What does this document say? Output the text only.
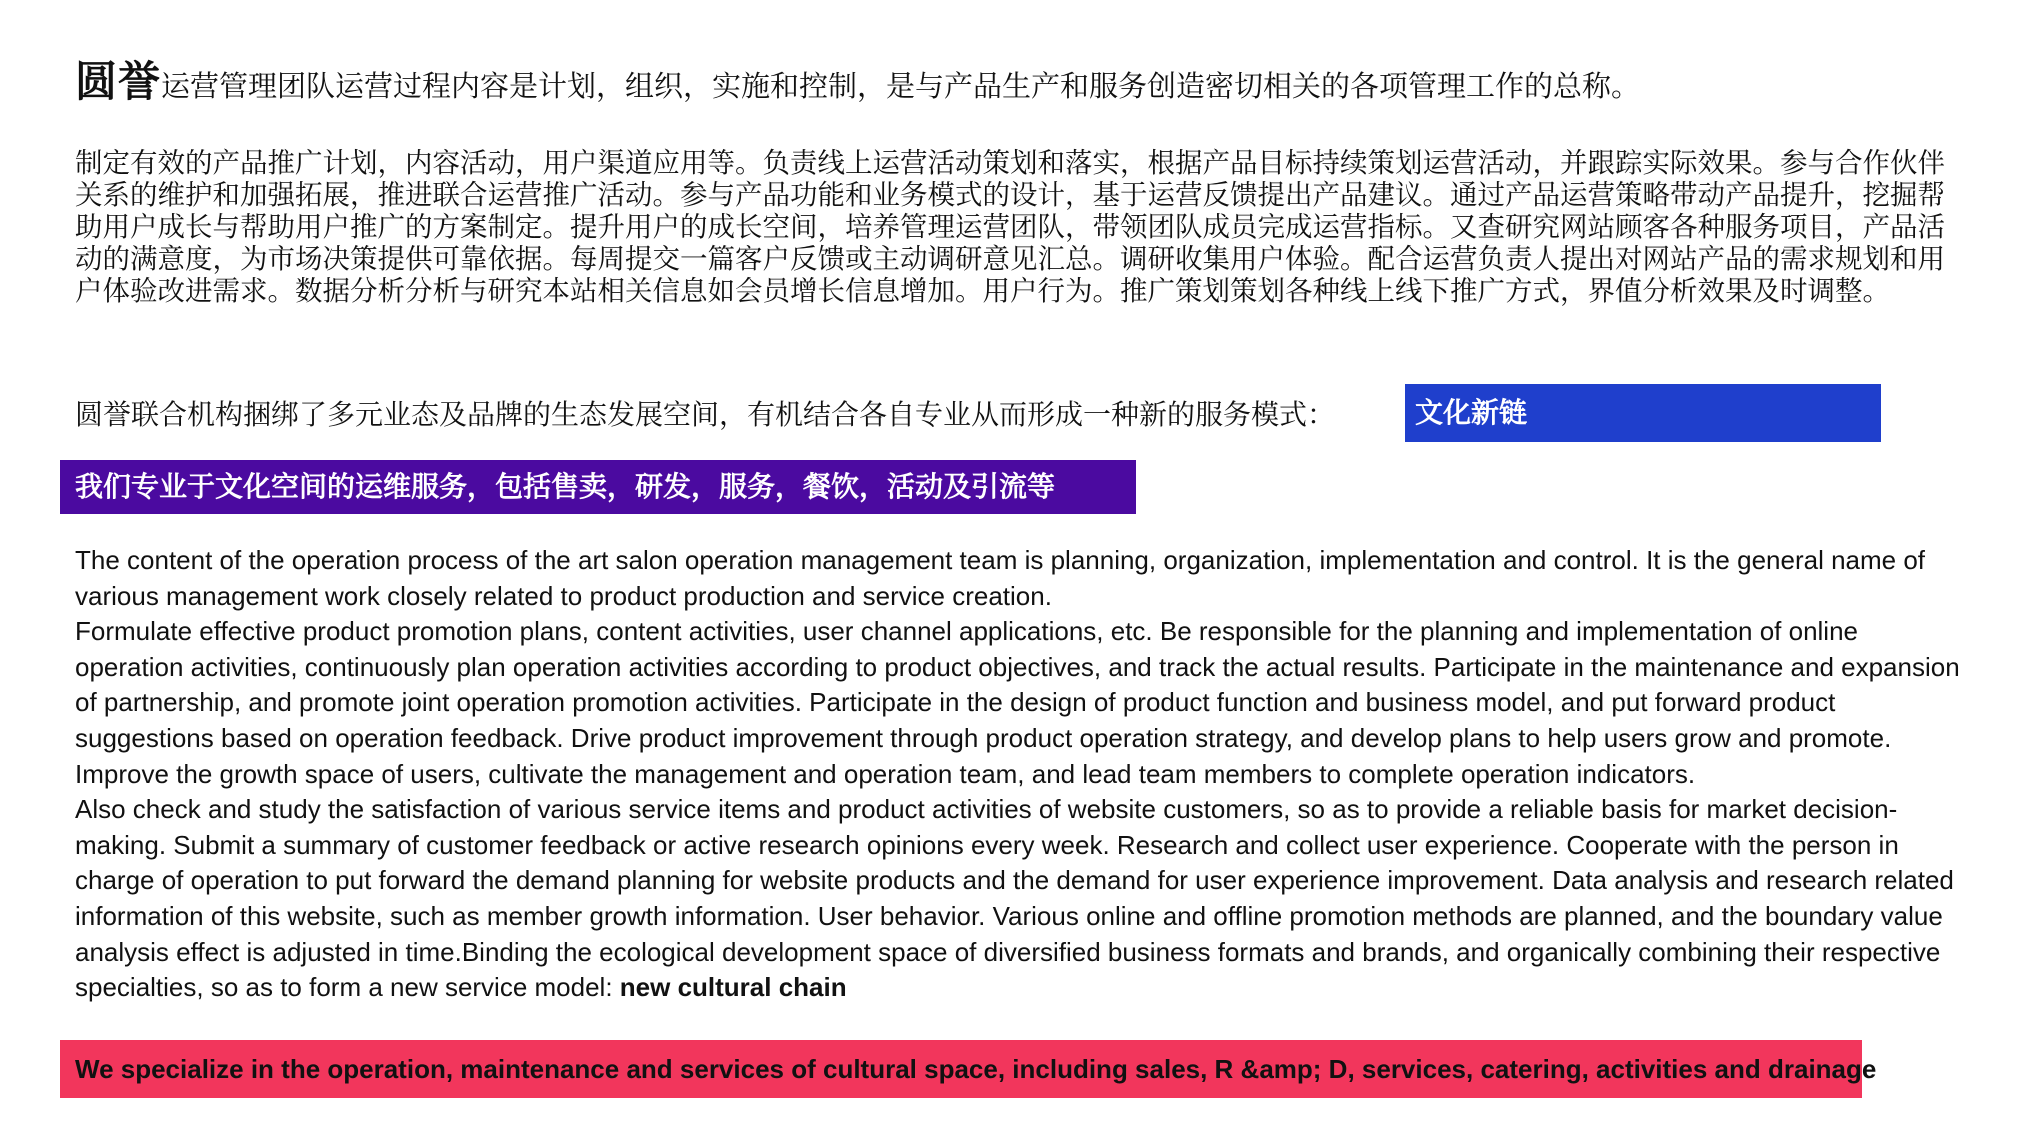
圆誉运营管理团队运营过程内容是计划，组织，实施和控制，是与产品生产和服务创造密切相关的各项管理工作的总称。
制定有效的产品推广计划，内容活动，用户渠道应用等。负责线上运营活动策划和落实，根据产品目标持续策划运营活动，并跟踪实际效果。参与合作伙伴关系的维护和加强拓展，推进联合运营推广活动。参与产品功能和业务模式的设计，基于运营反馈提出产品建议。通过产品运营策略带动产品提升，挖掘帮助用户成长与帮助用户推广的方案制定。提升用户的成长空间，培养管理运营团队，带领团队成员完成运营指标。又查研究网站顾客各种服务项目，产品活动的满意度，为市场决策提供可靠依据。每周提交一篇客户反馈或主动调研意见汇总。调研收集用户体验。配合运营负责人提出对网站产品的需求规划和用户体验改进需求。数据分析分析与研究本站相关信息如会员增长信息增加。用户行为。推广策划策划各种线上线下推广方式，界值分析效果及时调整。
圆誉联合机构捆绑了多元业态及品牌的生态发展空间，有机结合各自专业从而形成一种新的服务模式：	文化新链
我们专业于文化空间的运维服务，包括售卖，研发，服务，餐饮，活动及引流等

The content of the operation process of the art salon operation management team is planning, organization, implementation and control. It is the general name of various management work closely related to product production and service creation.

Formulate effective product promotion plans, content activities, user channel applications, etc. Be responsible for the planning and implementation of online operation activities, continuously plan operation activities according to product objectives, and track the actual results. Participate in the maintenance and expansion of partnership, and promote joint operation promotion activities. Participate in the design of product function and business model, and put forward product suggestions based on operation feedback. Drive product improvement through product operation strategy, and develop plans to help users grow and promote. Improve the growth space of users, cultivate the management and operation team, and lead team members to complete operation indicators.

Also check and study the satisfaction of various service items and product activities of website customers, so as to provide a reliable basis for market decision-making. Submit a summary of customer feedback or active research opinions every week. Research and collect user experience. Cooperate with the person in charge of operation to put forward the demand planning for website products and the demand for user experience improvement. Data analysis and research related information of this website, such as member growth information. User behavior. Various online and offline promotion methods are planned, and the boundary value analysis effect is adjusted in time.Binding the ecological development space of diversified business formats and brands, and organically combining their respective specialties, so as to form a new service model: new cultural chain

We specialize in the operation, maintenance and services of cultural space, including sales, R &amp; D, services, catering, activities and drainage
